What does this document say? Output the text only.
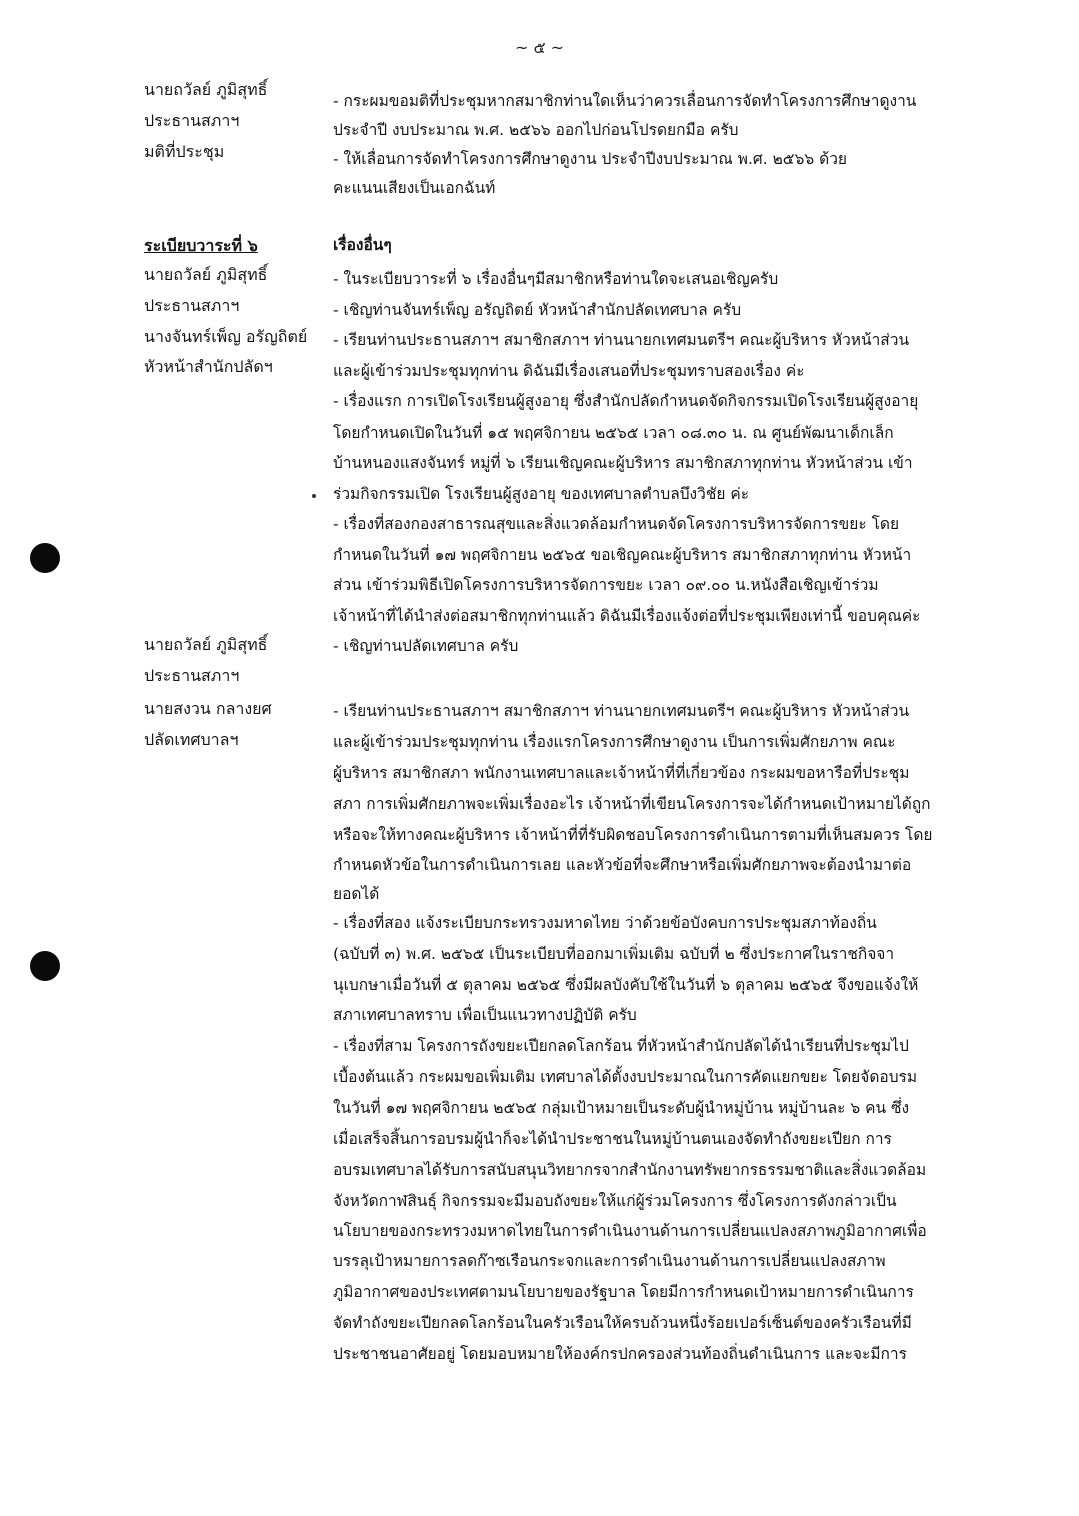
~ ๕ ~
นายถวัลย์ ภูมิสุทธิ์
ประธานสภาฯ
มติที่ประชุม
ระเบียบวาระที่ ๖
นายถวัลย์ ภูมิสุทธิ์
ประธานสภาฯ
นางจันทร์เพ็ญ อรัญถิตย์
หัวหน้าสำนักปลัดฯ
นายถวัลย์ ภูมิสุทธิ์
ประธานสภาฯ
นายสงวน กลางยศ
ปลัดเทศบาลฯ
- กระผมขอมติที่ประชุมหากสมาชิกท่านใดเห็นว่าควรเลื่อนการจัดทำโครงการศึกษาดูงาน
ประจำปี งบประมาณ พ.ศ. ๒๕๖๖ ออกไปก่อนโปรดยกมือ ครับ
- ให้เลื่อนการจัดทำโครงการศึกษาดูงาน ประจำปีงบประมาณ พ.ศ. ๒๕๖๖ ด้วย
คะแนนเสียงเป็นเอกฉันท์
เรื่องอื่นๆ
- ในระเบียบวาระที่ ๖ เรื่องอื่นๆมีสมาชิกหรือท่านใดจะเสนอเชิญครับ
- เชิญท่านจันทร์เพ็ญ อรัญถิตย์ หัวหน้าสำนักปลัดเทศบาล ครับ
- เรียนท่านประธานสภาฯ สมาชิกสภาฯ ท่านนายกเทศมนตรีฯ คณะผู้บริหาร หัวหน้าส่วน
และผู้เข้าร่วมประชุมทุกท่าน ดิฉันมีเรื่องเสนอที่ประชุมทราบสองเรื่อง ค่ะ
- เรื่องแรก การเปิดโรงเรียนผู้สูงอายุ ซึ่งสำนักปลัดกำหนดจัดกิจกรรมเปิดโรงเรียนผู้สูงอายุ
โดยกำหนดเปิดในวันที่ ๑๕ พฤศจิกายน ๒๕๖๕ เวลา ๐๘.๓๐ น. ณ ศูนย์พัฒนาเด็กเล็ก
บ้านหนองแสงจันทร์ หมู่ที่ ๖ เรียนเชิญคณะผู้บริหาร สมาชิกสภาทุกท่าน หัวหน้าส่วน เข้า
ร่วมกิจกรรมเปิด โรงเรียนผู้สูงอายุ ของเทศบาลตำบลบึงวิชัย ค่ะ
- เรื่องที่สองกองสาธารณสุขและสิ่งแวดล้อมกำหนดจัดโครงการบริหารจัดการขยะ โดย
กำหนดในวันที่ ๑๗ พฤศจิกายน ๒๕๖๕ ขอเชิญคณะผู้บริหาร สมาชิกสภาทุกท่าน หัวหน้า
ส่วน เข้าร่วมพิธีเปิดโครงการบริหารจัดการขยะ เวลา ๐๙.๐๐ น.หนังสือเชิญเข้าร่วม
เจ้าหน้าที่ได้นำส่งต่อสมาชิกทุกท่านแล้ว ดิฉันมีเรื่องแจ้งต่อที่ประชุมเพียงเท่านี้ ขอบคุณค่ะ
- เชิญท่านปลัดเทศบาล ครับ
- เรียนท่านประธานสภาฯ สมาชิกสภาฯ ท่านนายกเทศมนตรีฯ คณะผู้บริหาร หัวหน้าส่วน
และผู้เข้าร่วมประชุมทุกท่าน เรื่องแรกโครงการศึกษาดูงาน เป็นการเพิ่มศักยภาพ คณะ
ผู้บริหาร สมาชิกสภา พนักงานเทศบาลและเจ้าหน้าที่ที่เกี่ยวข้อง กระผมขอหารือที่ประชุม
สภา การเพิ่มศักยภาพจะเพิ่มเรื่องอะไร เจ้าหน้าที่เขียนโครงการจะได้กำหนดเป้าหมายได้ถูก
หรือจะให้ทางคณะผู้บริหาร เจ้าหน้าที่ที่รับผิดชอบโครงการดำเนินการตามที่เห็นสมควร โดย
กำหนดหัวข้อในการดำเนินการเลย และหัวข้อที่จะศึกษาหรือเพิ่มศักยภาพจะต้องนำมาต่อ
ยอดได้
- เรื่องที่สอง แจ้งระเบียบกระทรวงมหาดไทย ว่าด้วยข้อบังคบการประชุมสภาท้องถิ่น
(ฉบับที่ ๓) พ.ศ. ๒๕๖๕ เป็นระเบียบที่ออกมาเพิ่มเติม ฉบับที่ ๒ ซึ่งประกาศในราชกิจจา
นุเบกษาเมื่อวันที่ ๕ ตุลาคม ๒๕๖๕ ซึ่งมีผลบังคับใช้ในวันที่ ๖ ตุลาคม ๒๕๖๕ จึงขอแจ้งให้
สภาเทศบาลทราบ เพื่อเป็นแนวทางปฏิบัติ ครับ
- เรื่องที่สาม โครงการถังขยะเปียกลดโลกร้อน ที่หัวหน้าสำนักปลัดได้นำเรียนที่ประชุมไป
เบื้องต้นแล้ว กระผมขอเพิ่มเติม เทศบาลได้ตั้งงบประมาณในการคัดแยกขยะ โดยจัดอบรม
ในวันที่ ๑๗ พฤศจิกายน ๒๕๖๕ กลุ่มเป้าหมายเป็นระดับผู้นำหมู่บ้าน หมู่บ้านละ ๖ คน ซึ่ง
เมื่อเสร็จสิ้นการอบรมผู้นำก็จะได้นำประชาชนในหมู่บ้านตนเองจัดทำถังขยะเปียก การ
อบรมเทศบาลได้รับการสนับสนุนวิทยากรจากสำนักงานทรัพยากรธรรมชาติและสิ่งแวดล้อม
จังหวัดกาฬสินธุ์ กิจกรรมจะมีมอบถังขยะให้แก่ผู้ร่วมโครงการ ซึ่งโครงการดังกล่าวเป็น
นโยบายของกระทรวงมหาดไทยในการดำเนินงานด้านการเปลี่ยนแปลงสภาพภูมิอากาศเพื่อ
บรรลุเป้าหมายการลดก๊าซเรือนกระจกและการดำเนินงานด้านการเปลี่ยนแปลงสภาพ
ภูมิอากาศของประเทศตามนโยบายของรัฐบาล โดยมีการกำหนดเป้าหมายการดำเนินการ
จัดทำถังขยะเปียกลดโลกร้อนในครัวเรือนให้ครบถ้วนหนึ่งร้อยเปอร์เซ็นต์ของครัวเรือนที่มี
ประชาชนอาศัยอยู่ โดยมอบหมายให้องค์กรปกครองส่วนท้องถิ่นดำเนินการ และจะมีการ
